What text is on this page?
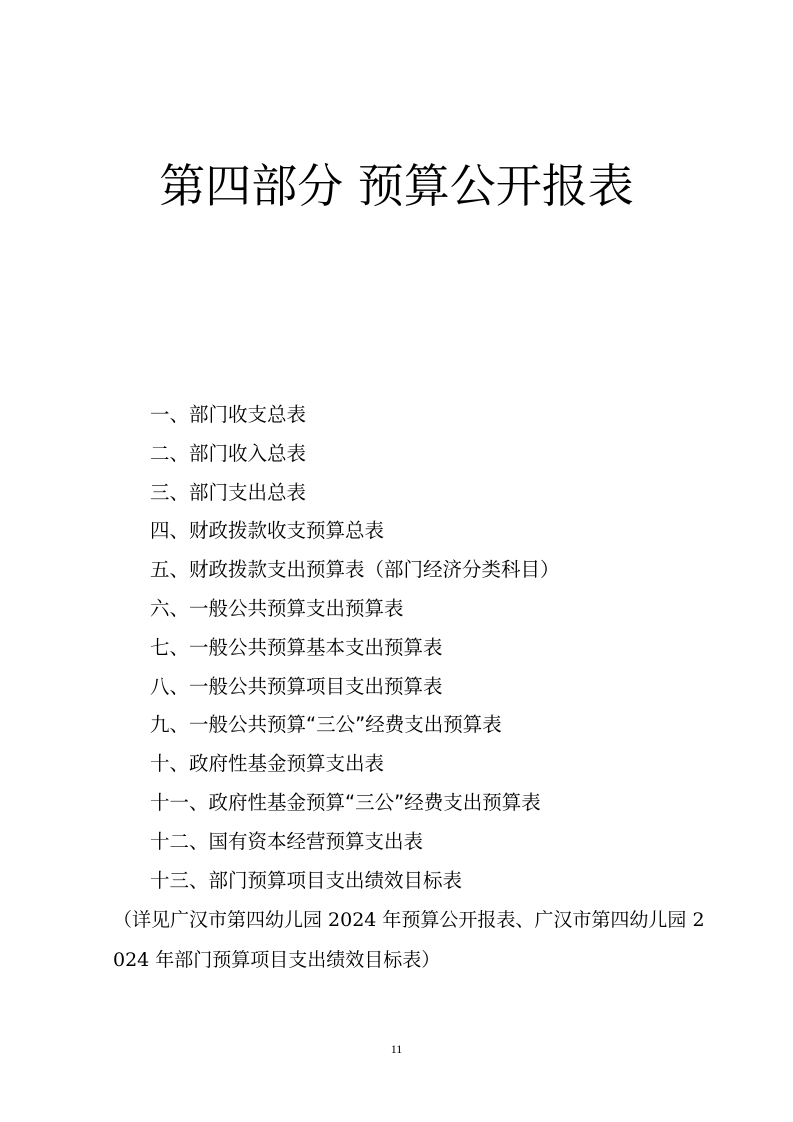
第四部分 预算公开报表
一、部门收支总表
二、部门收入总表
三、部门支出总表
四、财政拨款收支预算总表
五、财政拨款支出预算表（部门经济分类科目）
六、一般公共预算支出预算表
七、一般公共预算基本支出预算表
八、一般公共预算项目支出预算表
九、一般公共预算“三公”经费支出预算表
十、政府性基金预算支出表
十一、政府性基金预算“三公”经费支出预算表
十二、国有资本经营预算支出表
十三、部门预算项目支出绩效目标表
（详见广汉市第四幼儿园 2024 年预算公开报表、广汉市第四幼儿园 2024 年部门预算项目支出绩效目标表）
11
